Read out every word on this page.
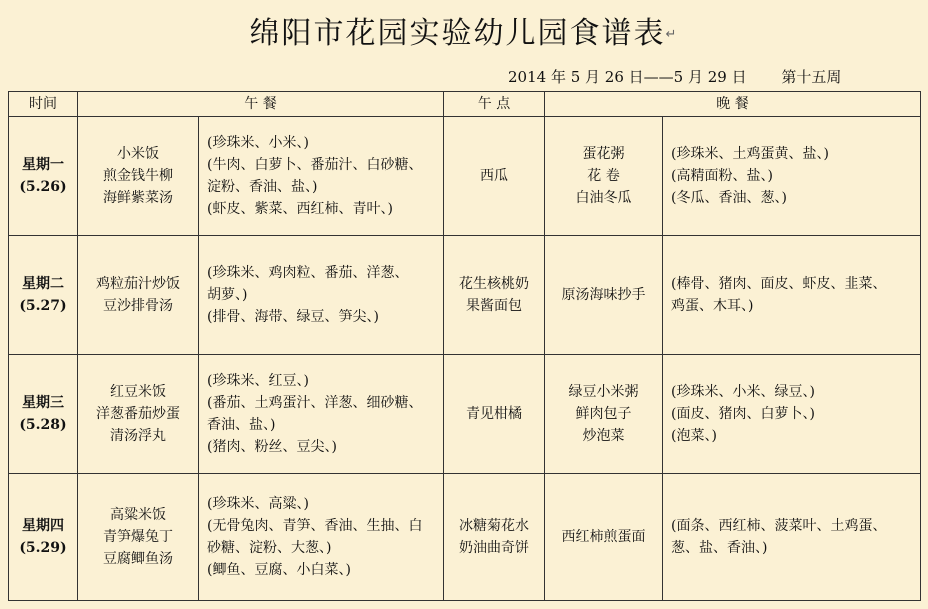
绵阳市花园实验幼儿园食谱表↵
2014 年 5 月 26 日——5 月 29 日 第十五周
时间	午 餐		午 点	晚 餐	

星期一
(5.26)	小米饭
煎金钱牛柳
海鲜紫菜汤	(珍珠米、小米、)
(牛肉、白萝卜、番茄汁、白砂糖、
淀粉、香油、盐、)
(虾皮、紫菜、西红柿、青叶、)	西瓜	蛋花粥
花 卷
白油冬瓜	(珍珠米、土鸡蛋黄、盐、)
(高精面粉、盐、)
(冬瓜、香油、葱、)

星期二
(5.27)	鸡粒茄汁炒饭
豆沙排骨汤	(珍珠米、鸡肉粒、番茄、洋葱、
胡萝、)
(排骨、海带、绿豆、笋尖、)	花生核桃奶
果酱面包	原汤海味抄手	(棒骨、猪肉、面皮、虾皮、韭菜、
鸡蛋、木耳、)

星期三
(5.28)	红豆米饭
洋葱番茄炒蛋
清汤浮丸	(珍珠米、红豆、)
(番茄、土鸡蛋汁、洋葱、细砂糖、
香油、盐、)
(猪肉、粉丝、豆尖、)	青见柑橘	绿豆小米粥
鲜肉包子
炒泡菜	(珍珠米、小米、绿豆、)
(面皮、猪肉、白萝卜、)
(泡菜、)

星期四
(5.29)	高粱米饭
青笋爆兔丁
豆腐鲫鱼汤	(珍珠米、高粱、)
(无骨兔肉、青笋、香油、生抽、白
砂糖、淀粉、大葱、)
(鲫鱼、豆腐、小白菜、)	冰糖菊花水
奶油曲奇饼	西红柿煎蛋面	(面条、西红柿、菠菜叶、土鸡蛋、
葱、盐、香油、)
